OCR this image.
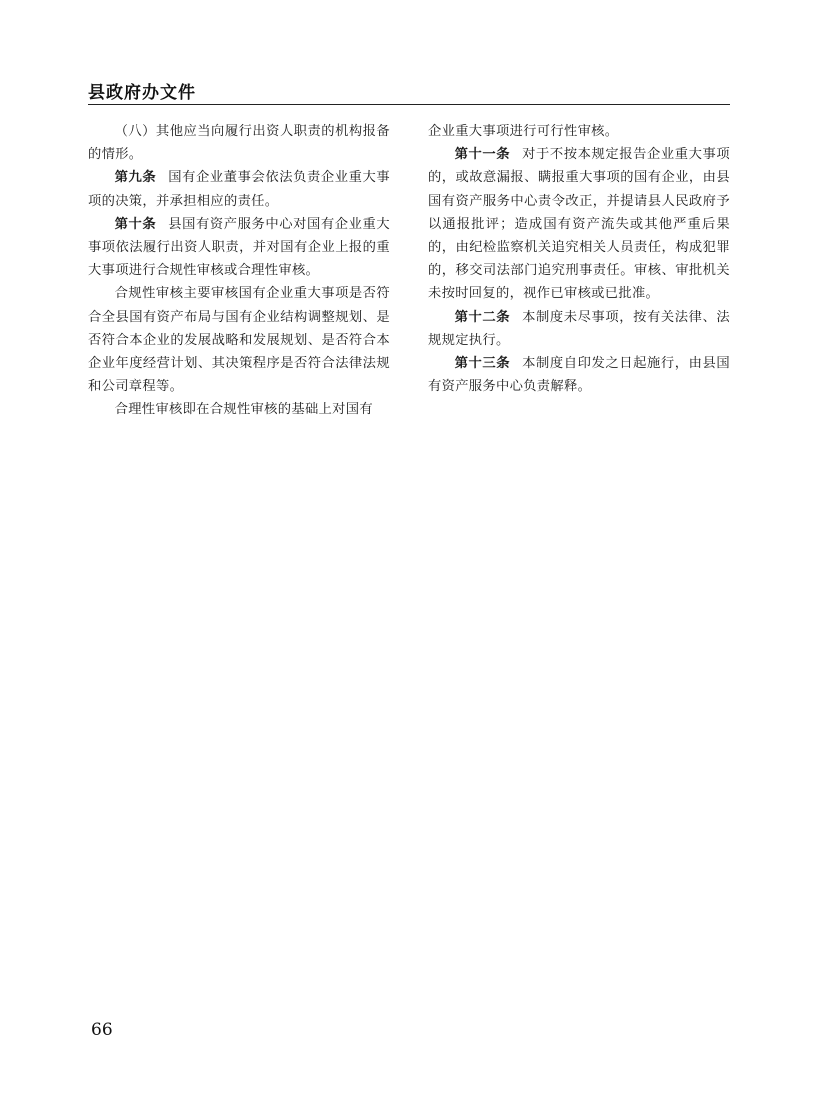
县政府办文件

（八）其他应当向履行出资人职责的机构报备的情形。

第九条 国有企业董事会依法负责企业重大事项的决策，并承担相应的责任。

第十条 县国有资产服务中心对国有企业重大事项依法履行出资人职责，并对国有企业上报的重大事项进行合规性审核或合理性审核。

合规性审核主要审核国有企业重大事项是否符合全县国有资产布局与国有企业结构调整规划、是否符合本企业的发展战略和发展规划、是否符合本企业年度经营计划、其决策程序是否符合法律法规和公司章程等。

合理性审核即在合规性审核的基础上对国有

企业重大事项进行可行性审核。

第十一条 对于不按本规定报告企业重大事项的，或故意漏报、瞒报重大事项的国有企业，由县国有资产服务中心责令改正，并提请县人民政府予以通报批评；造成国有资产流失或其他严重后果的，由纪检监察机关追究相关人员责任，构成犯罪的，移交司法部门追究刑事责任。审核、审批机关未按时回复的，视作已审核或已批准。

第十二条 本制度未尽事项，按有关法律、法规规定执行。

第十三条 本制度自印发之日起施行，由县国有资产服务中心负责解释。

66
